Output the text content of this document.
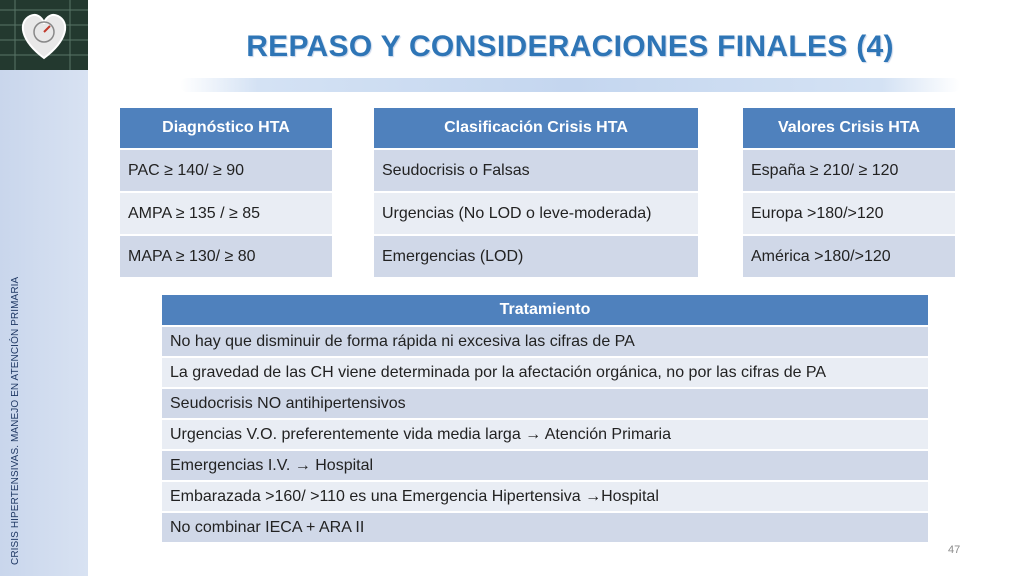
CRISIS HIPERTENSIVAS. MANEJO EN ATENCIÓN PRIMARIA
REPASO Y CONSIDERACIONES FINALES (4)
Diagnóstico HTA
PAC ≥ 140/ ≥ 90
AMPA ≥ 135 / ≥ 85
MAPA ≥ 130/ ≥ 80
Clasificación Crisis HTA
Seudocrisis o Falsas
Urgencias (No LOD o leve-moderada)
Emergencias (LOD)
Valores Crisis HTA
España ≥ 210/ ≥ 120
Europa >180/>120
América >180/>120
Tratamiento
No hay que disminuir de forma rápida ni excesiva las cifras de PA
La gravedad de las CH viene determinada por la afectación orgánica, no por las cifras de PA
Seudocrisis NO antihipertensivos
Urgencias V.O. preferentemente vida media larga → Atención Primaria
Emergencias I.V. → Hospital
Embarazada >160/ >110 es una Emergencia Hipertensiva →Hospital
No combinar IECA + ARA II
47
